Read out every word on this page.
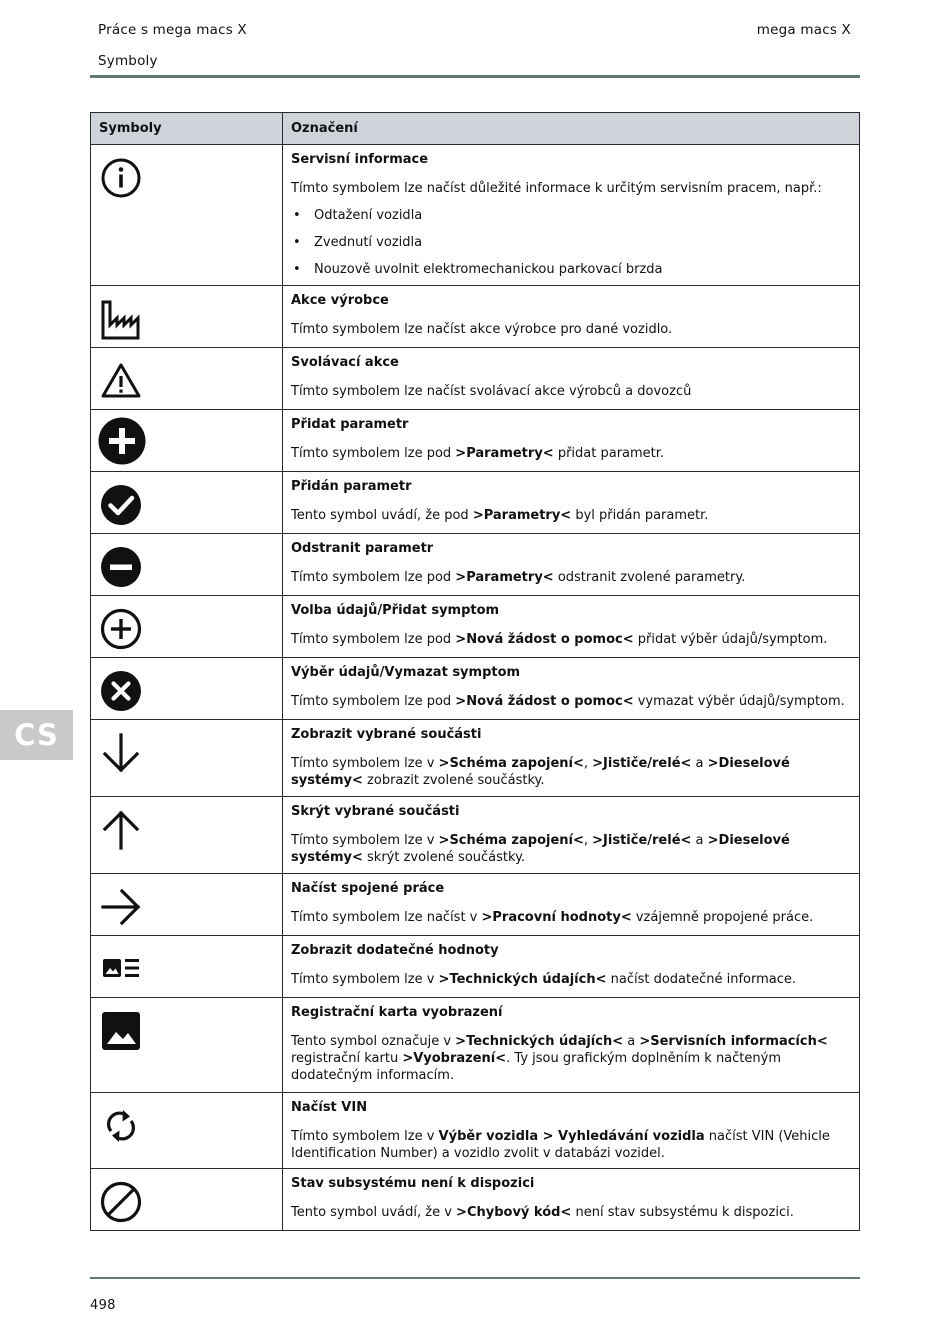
Práce s mega macs X	mega macs X
Symboly
CS
Symboly	Označení

Servisní informace
Tímto symbolem lze načíst důležité informace k určitým servisním pracem, např.:
• Odtažení vozidla
• Zvednutí vozidla
• Nouzově uvolnit elektromechanickou parkovací brzda

Akce výrobce
Tímto symbolem lze načíst akce výrobce pro dané vozidlo.

Svolávací akce
Tímto symbolem lze načíst svolávací akce výrobců a dovozců

Přidat parametr
Tímto symbolem lze pod >Parametry< přidat parametr.

Přidán parametr
Tento symbol uvádí, že pod >Parametry< byl přidán parametr.

Odstranit parametr
Tímto symbolem lze pod >Parametry< odstranit zvolené parametry.

Volba údajů/Přidat symptom
Tímto symbolem lze pod >Nová žádost o pomoc< přidat výběr údajů/symptom.

Výběr údajů/Vymazat symptom
Tímto symbolem lze pod >Nová žádost o pomoc< vymazat výběr údajů/symptom.

Zobrazit vybrané součásti
Tímto symbolem lze v >Schéma zapojení<, >Jističe/relé< a >Dieselové systémy< zobrazit zvolené součástky.

Skrýt vybrané součásti
Tímto symbolem lze v >Schéma zapojení<, >Jističe/relé< a >Dieselové systémy< skrýt zvolené součástky.

Načíst spojené práce
Tímto symbolem lze načíst v >Pracovní hodnoty< vzájemně propojené práce.

Zobrazit dodatečné hodnoty
Tímto symbolem lze v >Technických údajích< načíst dodatečné informace.

Registrační karta vyobrazení
Tento symbol označuje v >Technických údajích< a >Servisních informacích< registrační kartu >Vyobrazení<. Ty jsou grafickým doplněním k načteným dodatečným informacím.

Načíst VIN
Tímto symbolem lze v Výběr vozidla > Vyhledávání vozidla načíst VIN (Vehicle Identification Number) a vozidlo zvolit v databázi vozidel.

Stav subsystému není k dispozici
Tento symbol uvádí, že v >Chybový kód< není stav subsystému k dispozici.
498
